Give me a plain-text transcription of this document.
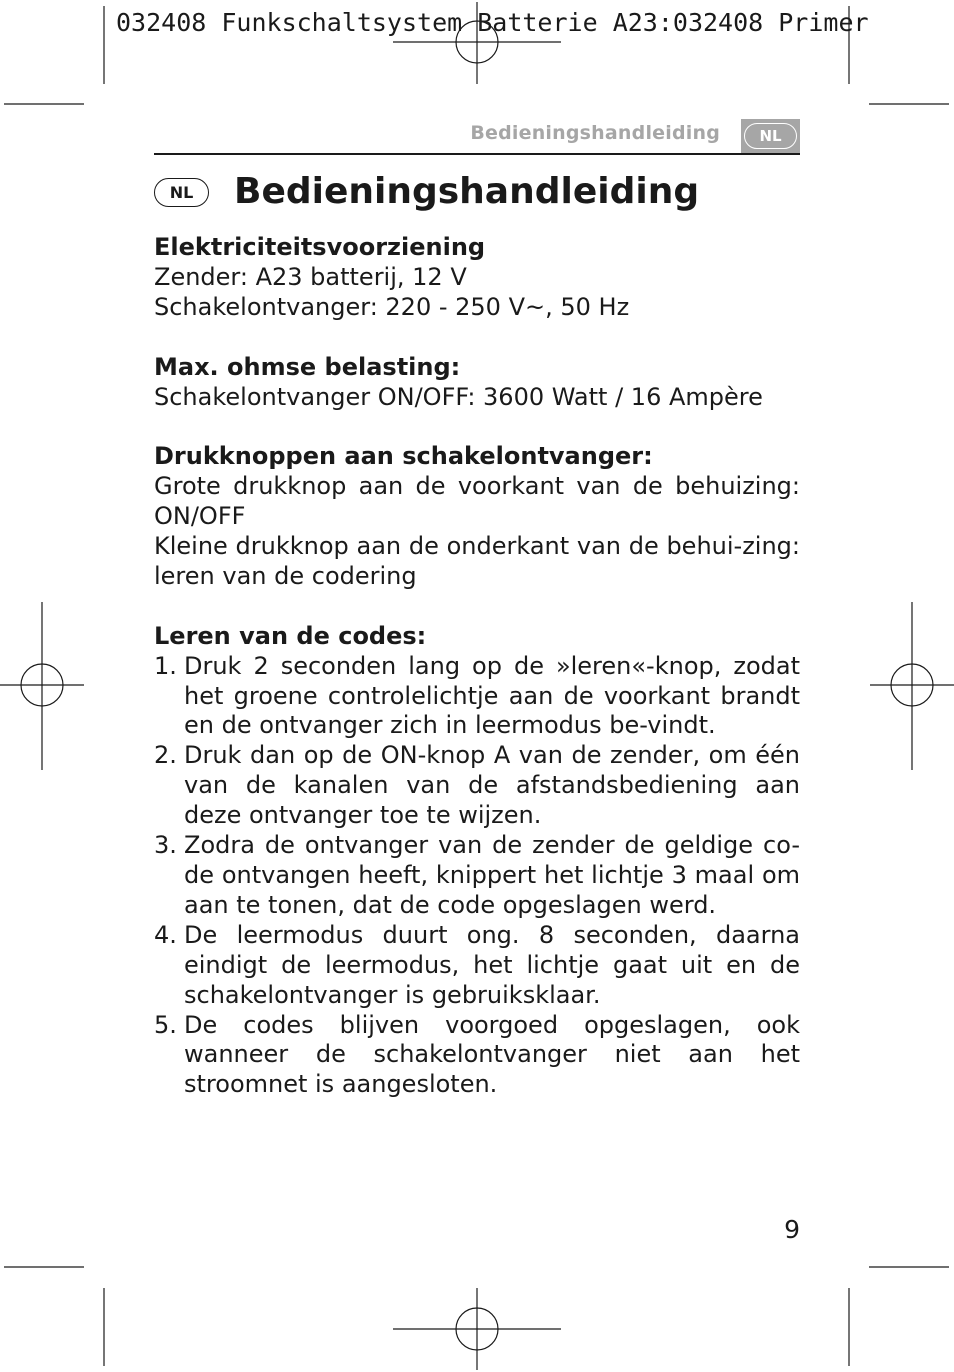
032408 Funkschaltsystem Batterie A23:032408 Primer
Bedieningshandleiding	NL
NL	Bedieningshandleiding

Elektriciteitsvoorziening

Zender: A23 batterij, 12 V

Schakelontvanger: 220 - 250 V~, 50 Hz

Max. ohmse belasting:

Schakelontvanger ON/OFF: 3600 Watt / 16 Ampère

Drukknoppen aan schakelontvanger:

Grote drukknop aan de voorkant van de behuizing: ON/OFF

Kleine drukknop aan de onderkant van de behui-zing: leren van de codering

Leren van de codes:

1. Druk 2 seconden lang op de »leren«-knop, zodat het groene controlelichtje aan de voorkant brandt en de ontvanger zich in leermodus be-vindt.
2. Druk dan op de ON-knop A van de zender, om één van de kanalen van de afstandsbediening aan deze ontvanger toe te wijzen.
3. Zodra de ontvanger van de zender de geldige co-de ontvangen heeft, knippert het lichtje 3 maal om aan te tonen, dat de code opgeslagen werd.
4. De leermodus duurt ong. 8 seconden, daarna eindigt de leermodus, het lichtje gaat uit en de schakelontvanger is gebruiksklaar.
5. De codes blijven voorgoed opgeslagen, ook wanneer de schakelontvanger niet aan het stroomnet is aangesloten.
9
